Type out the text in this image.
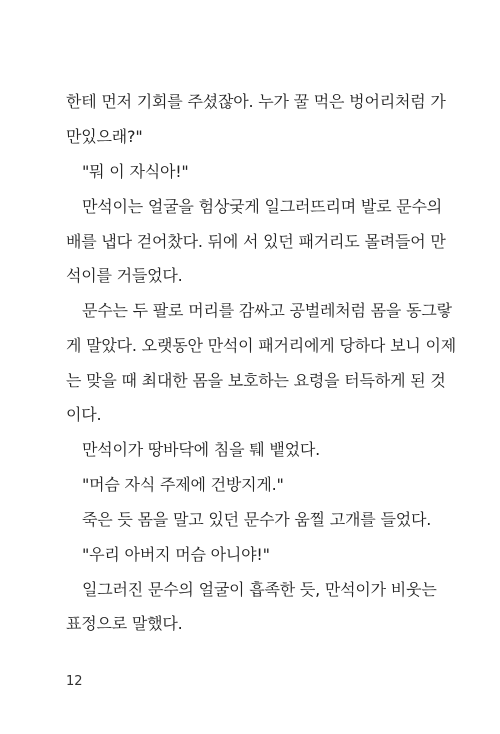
한테 먼저 기회를 주셨잖아. 누가 꿀 먹은 벙어리처럼 가
만있으래?"
"뭐 이 자식아!"
만석이는 얼굴을 험상궂게 일그러뜨리며 발로 문수의
배를 냅다 걷어찼다. 뒤에 서 있던 패거리도 몰려들어 만
석이를 거들었다.
문수는 두 팔로 머리를 감싸고 공벌레처럼 몸을 동그랗
게 말았다. 오랫동안 만석이 패거리에게 당하다 보니 이제
는 맞을 때 최대한 몸을 보호하는 요령을 터득하게 된 것
이다.
만석이가 땅바닥에 침을 퉤 뱉었다.
"머슴 자식 주제에 건방지게."
죽은 듯 몸을 말고 있던 문수가 움찔 고개를 들었다.
"우리 아버지 머슴 아니야!"
일그러진 문수의 얼굴이 흡족한 듯, 만석이가 비웃는
표정으로 말했다.
12
